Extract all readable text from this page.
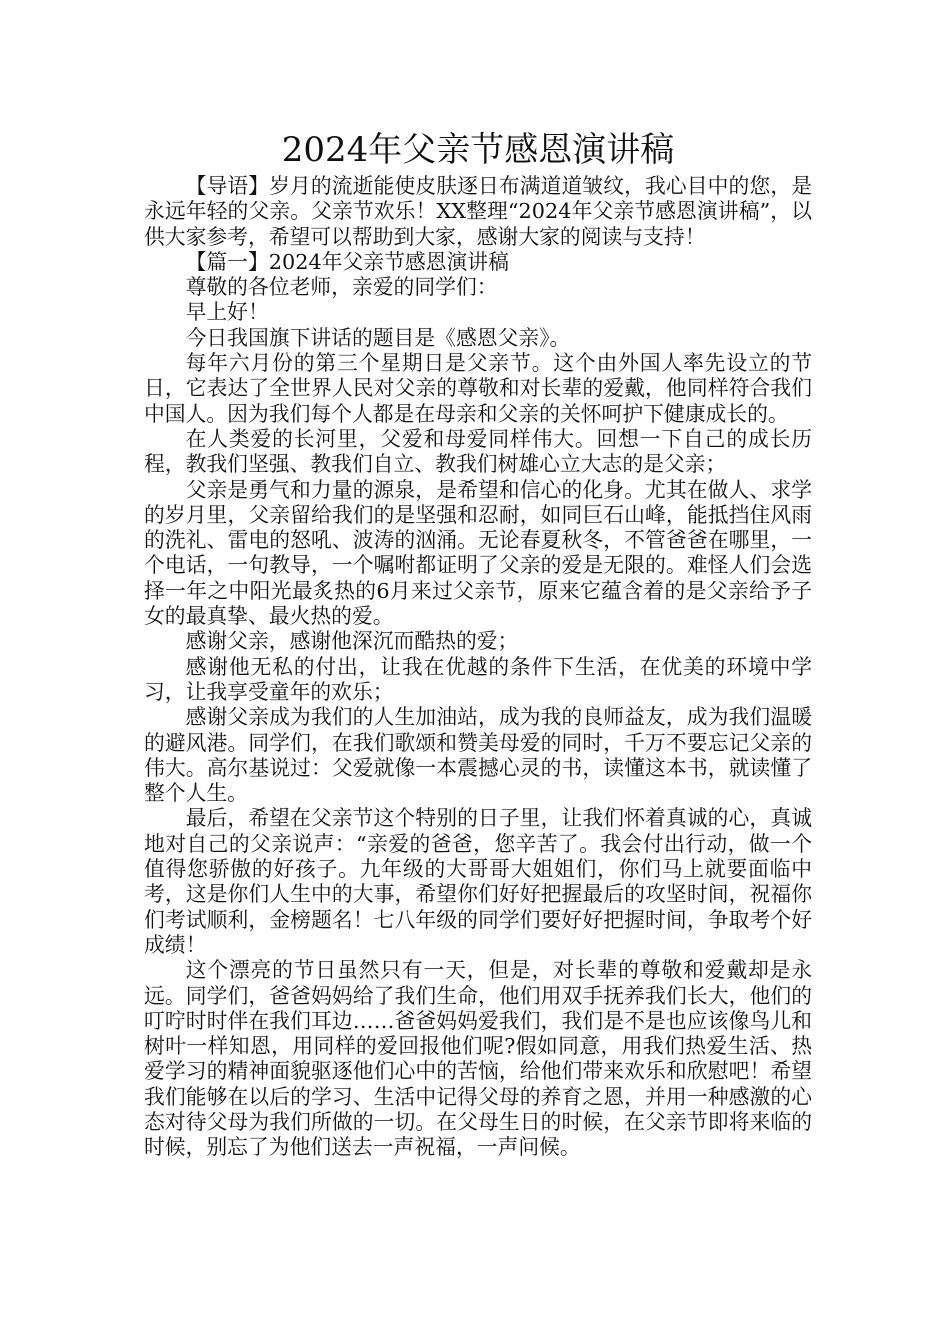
2024年父亲节感恩演讲稿

【导语】岁月的流逝能使皮肤逐日布满道道皱纹，我心目中的您，是永远年轻的父亲。父亲节欢乐！XX整理“2024年父亲节感恩演讲稿”，以供大家参考，希望可以帮助到大家，感谢大家的阅读与支持！

【篇一】2024年父亲节感恩演讲稿

尊敬的各位老师，亲爱的同学们：

早上好！

今日我国旗下讲话的题目是《感恩父亲》。

每年六月份的第三个星期日是父亲节。这个由外国人率先设立的节日，它表达了全世界人民对父亲的尊敬和对长辈的爱戴，他同样符合我们中国人。因为我们每个人都是在母亲和父亲的关怀呵护下健康成长的。

在人类爱的长河里，父爱和母爱同样伟大。回想一下自己的成长历程，教我们坚强、教我们自立、教我们树雄心立大志的是父亲；

父亲是勇气和力量的源泉，是希望和信心的化身。尤其在做人、求学的岁月里，父亲留给我们的是坚强和忍耐，如同巨石山峰，能抵挡住风雨的洗礼、雷电的怒吼、波涛的汹涌。无论春夏秋冬，不管爸爸在哪里，一个电话，一句教导，一个嘱咐都证明了父亲的爱是无限的。难怪人们会选择一年之中阳光最炙热的6月来过父亲节，原来它蕴含着的是父亲给予子女的最真挚、最火热的爱。

感谢父亲，感谢他深沉而酷热的爱；

感谢他无私的付出，让我在优越的条件下生活，在优美的环境中学习，让我享受童年的欢乐；

感谢父亲成为我们的人生加油站，成为我的良师益友，成为我们温暖的避风港。同学们，在我们歌颂和赞美母爱的同时，千万不要忘记父亲的伟大。高尔基说过：父爱就像一本震撼心灵的书，读懂这本书，就读懂了整个人生。

最后，希望在父亲节这个特别的日子里，让我们怀着真诚的心，真诚地对自己的父亲说声：“亲爱的爸爸，您辛苦了。我会付出行动，做一个值得您骄傲的好孩子。九年级的大哥哥大姐姐们，你们马上就要面临中考，这是你们人生中的大事，希望你们好好把握最后的攻坚时间，祝福你们考试顺利，金榜题名！七八年级的同学们要好好把握时间，争取考个好成绩！

这个漂亮的节日虽然只有一天，但是，对长辈的尊敬和爱戴却是永远。同学们，爸爸妈妈给了我们生命，他们用双手抚养我们长大，他们的叮咛时时伴在我们耳边……爸爸妈妈爱我们，我们是不是也应该像鸟儿和树叶一样知恩，用同样的爱回报他们呢?假如同意，用我们热爱生活、热爱学习的精神面貌驱逐他们心中的苦恼，给他们带来欢乐和欣慰吧！希望我们能够在以后的学习、生活中记得父母的养育之恩，并用一种感激的心态对待父母为我们所做的一切。在父母生日的时候，在父亲节即将来临的时候，别忘了为他们送去一声祝福，一声问候。
